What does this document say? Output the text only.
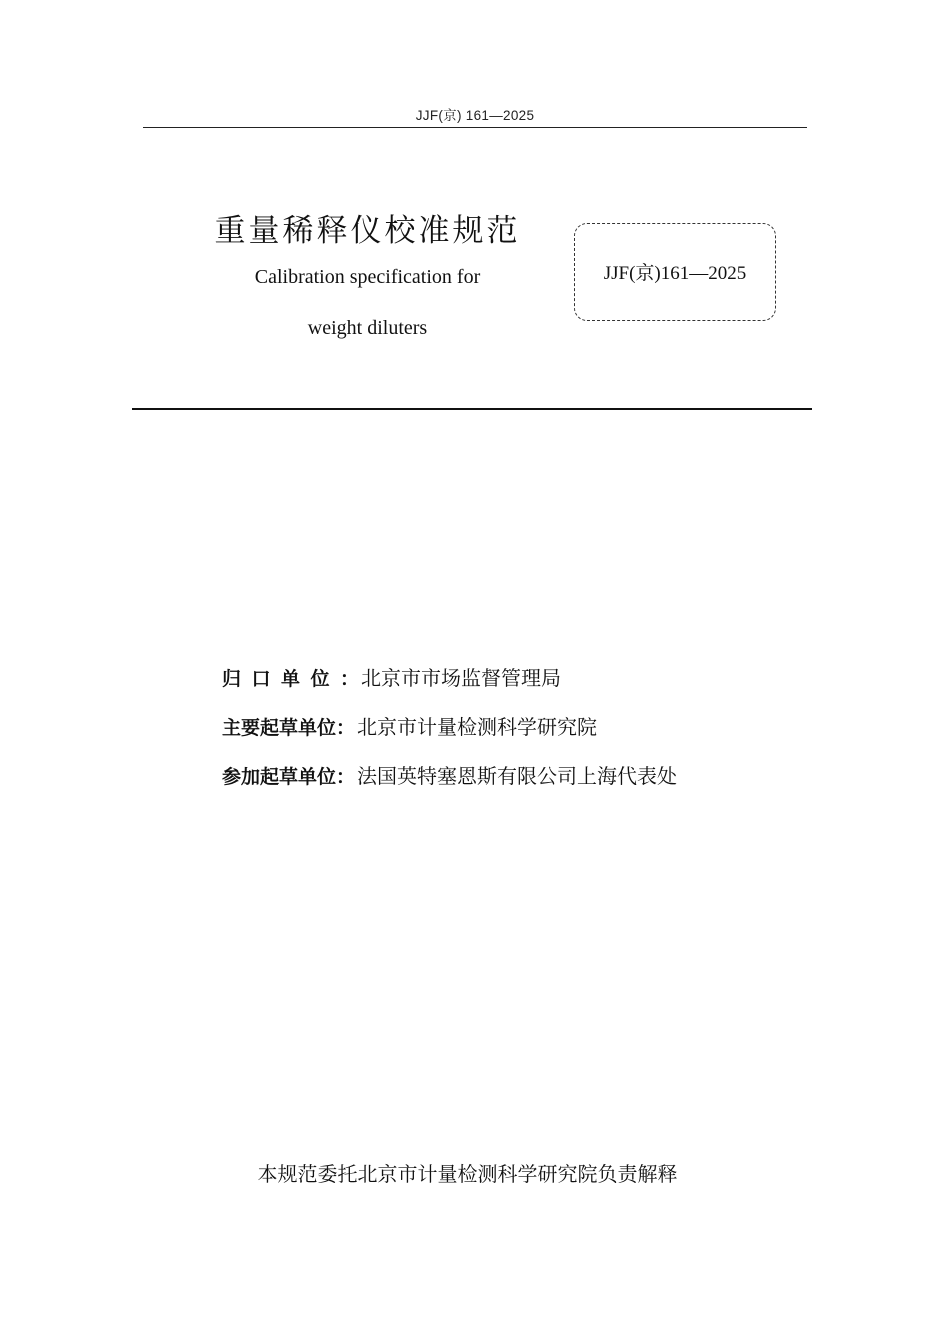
JJF(京) 161—2025
重量稀释仪校准规范
Calibration specification for
weight diluters
JJF(京)161—2025
归口单位 ： 北京市市场监督管理局
主要起草单位 ： 北京市计量检测科学研究院
参加起草单位 ： 法国英特塞恩斯有限公司上海代表处
本规范委托北京市计量检测科学研究院负责解释
